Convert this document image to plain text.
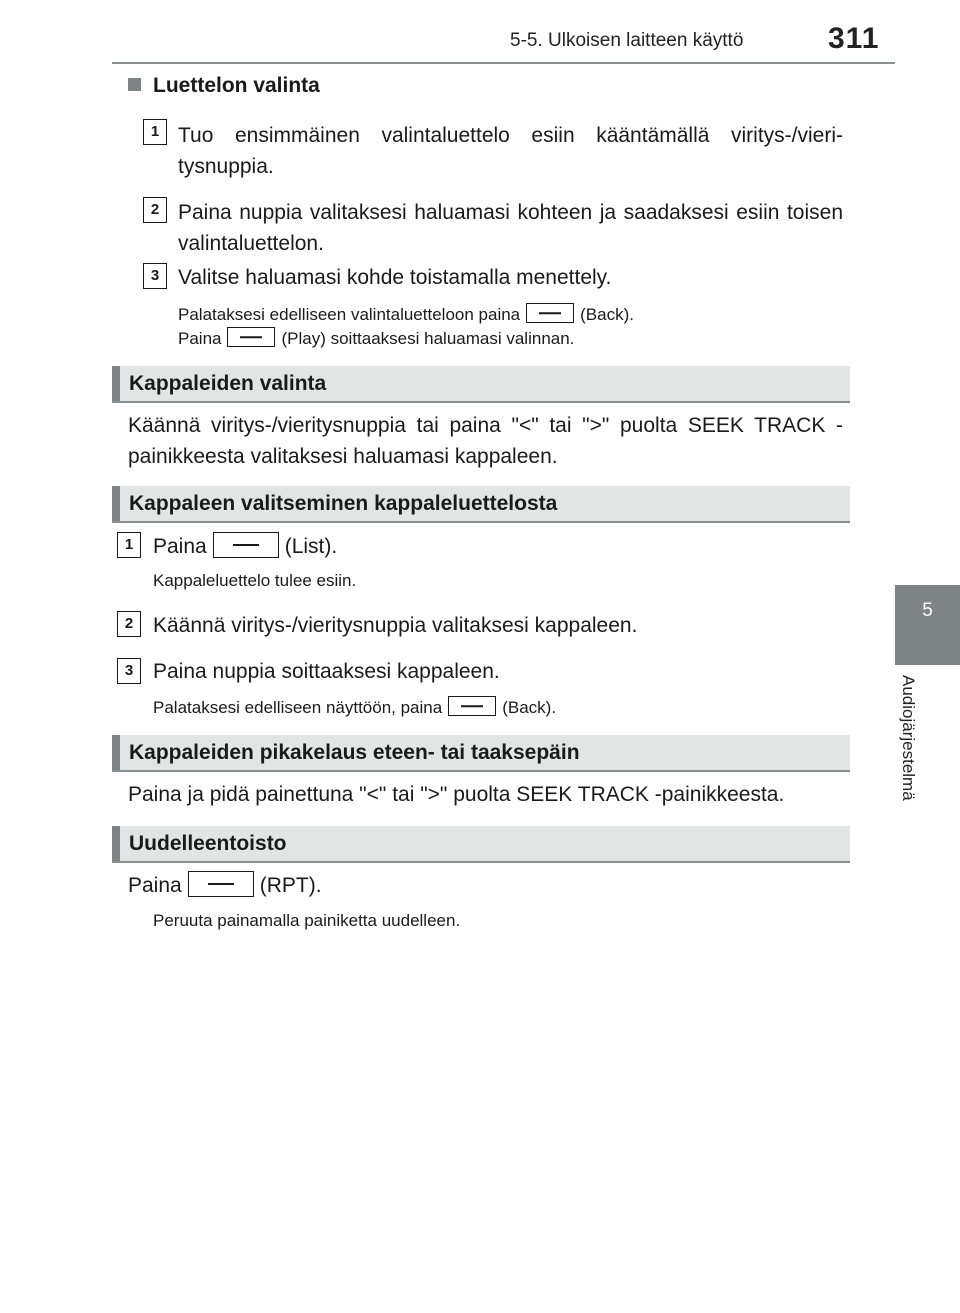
5-5. Ulkoisen laitteen käyttö	311
5
Audiojärjestelmä
Luettelon valinta
1 Tuo ensimmäinen valintaluettelo esiin kääntämällä viritys-/vieri-tysnuppia.
2 Paina nuppia valitaksesi haluamasi kohteen ja saadaksesi esiin toisen valintaluettelon.
3 Valitse haluamasi kohde toistamalla menettely.
Palataksesi edelliseen valintaluetteloon paina	(Back).
Paina	(Play) soittaaksesi haluamasi valinnan.
Kappaleiden valinta
Käännä viritys-/vieritysnuppia tai paina "<" tai ">" puolta SEEK TRACK -painikkeesta valitaksesi haluamasi kappaleen.
Kappaleen valitseminen kappaleluettelosta
1 Paina	(List).
Kappaleluettelo tulee esiin.
2 Käännä viritys-/vieritysnuppia valitaksesi kappaleen.
3 Paina nuppia soittaaksesi kappaleen.
Palataksesi edelliseen näyttöön, paina	(Back).
Kappaleiden pikakelaus eteen- tai taaksepäin
Paina ja pidä painettuna "<" tai ">" puolta SEEK TRACK -painikkeesta.
Uudelleentoisto
Paina	(RPT).
Peruuta painamalla painiketta uudelleen.
